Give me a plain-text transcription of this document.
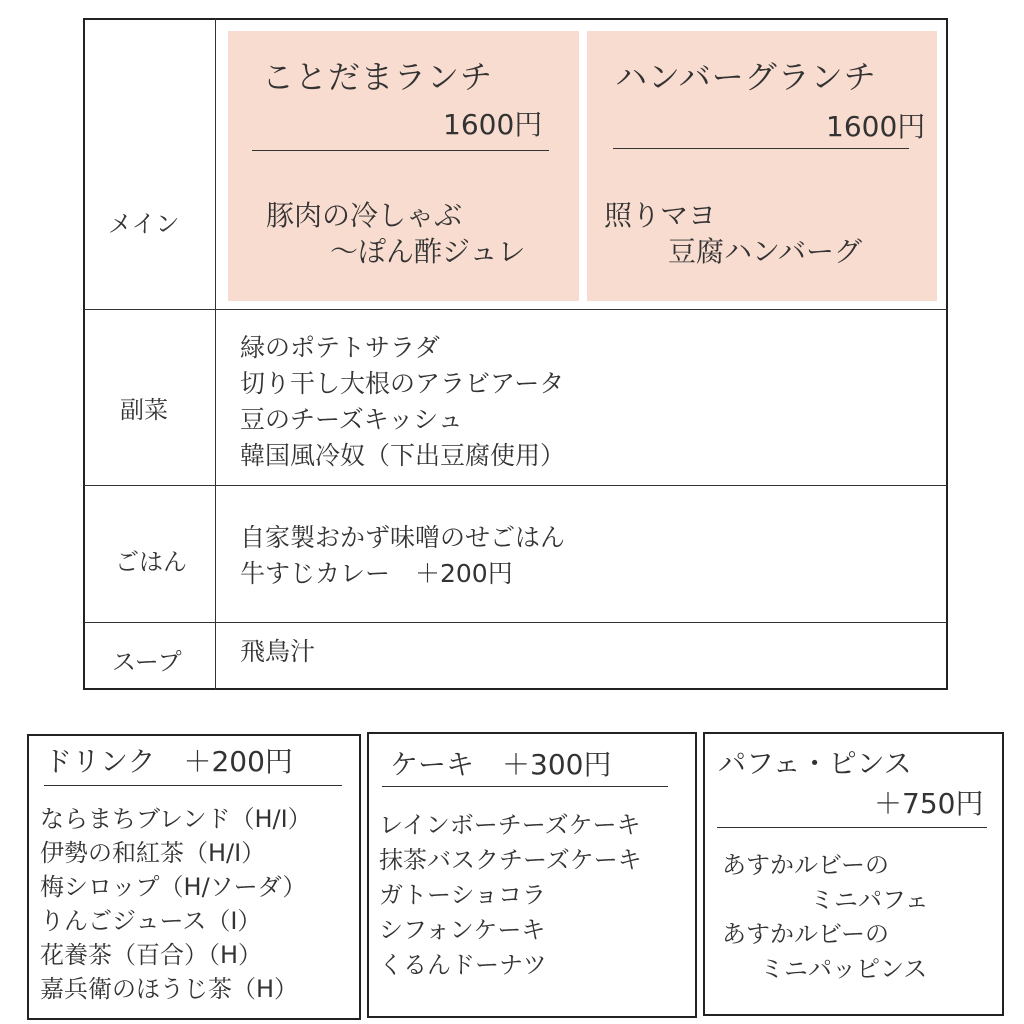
メイン
副菜
ごはん
スープ
ことだまランチ
1600円
豚肉の冷しゃぶ
～ぽん酢ジュレ
ハンバーグランチ
1600円
照りマヨ
豆腐ハンバーグ
緑のポテトサラダ
切り干し大根のアラビアータ
豆のチーズキッシュ
韓国風冷奴（下出豆腐使用）
自家製おかず味噌のせごはん
牛すじカレー　＋200円
飛鳥汁
ドリンク　＋200円
ならまちブレンド（H/I）
伊勢の和紅茶（H/I）
梅シロップ（H/ソーダ）
りんごジュース（I）
花養茶（百合）（H）
嘉兵衛のほうじ茶（H）
ケーキ　＋300円
レインボーチーズケーキ
抹茶バスクチーズケーキ
ガトーショコラ
シフォンケーキ
くるんドーナツ
パフェ・ピンス
＋750円
あすかルビーの
ミニパフェ
あすかルビーの
ミニパッピンス
